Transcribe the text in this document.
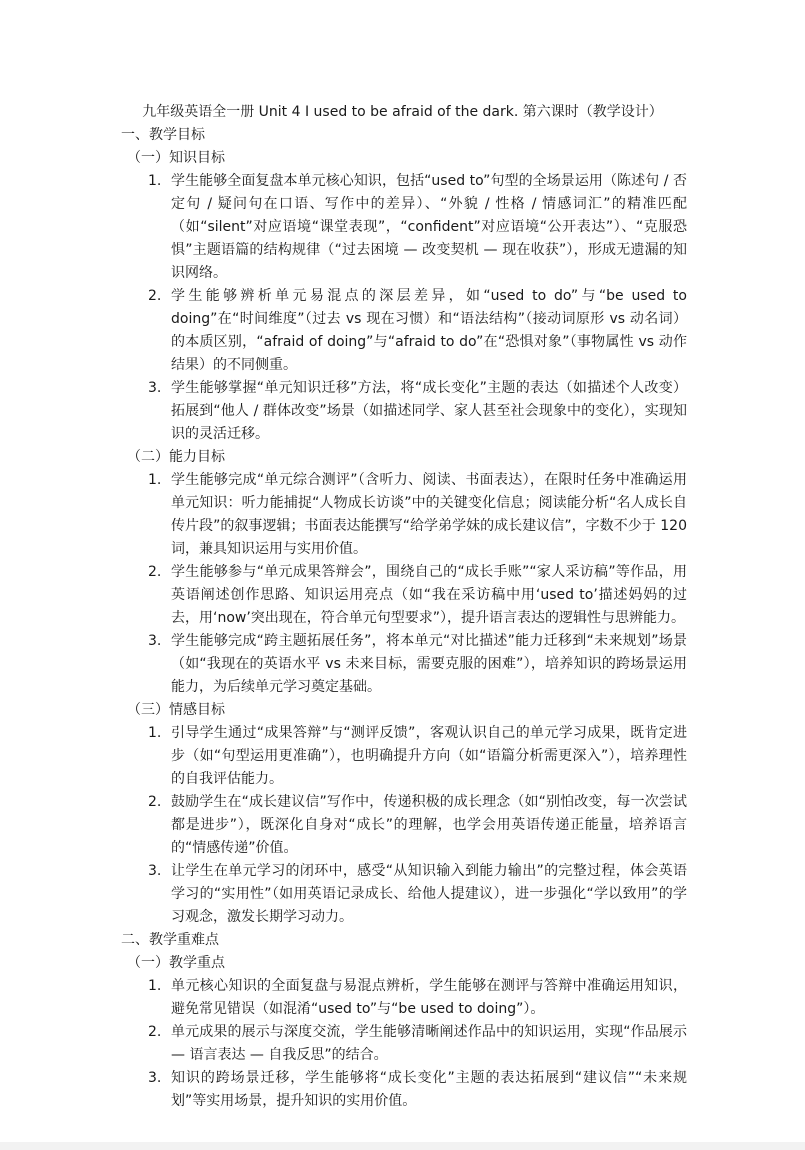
九年级英语全一册 Unit 4 I used to be afraid of the dark. 第六课时（教学设计）
一、教学目标
（一）知识目标
1. 学生能够全面复盘本单元核心知识，包括“used to”句型的全场景运用（陈述句 / 否定句 / 疑问句在口语、写作中的差异）、“外貌 / 性格 / 情感词汇”的精准匹配（如“silent”对应语境“课堂表现”，“confident”对应语境“公开表达”）、“克服恐惧”主题语篇的结构规律（“过去困境 — 改变契机 — 现在收获”），形成无遗漏的知识网络。
2. 学生能够辨析单元易混点的深层差异，如“used to do”与“be used to doing”在“时间维度”（过去 vs 现在习惯）和“语法结构”（接动词原形 vs 动名词）的本质区别，“afraid of doing”与“afraid to do”在“恐惧对象”（事物属性 vs 动作结果）的不同侧重。
3. 学生能够掌握“单元知识迁移”方法，将“成长变化”主题的表达（如描述个人改变）拓展到“他人 / 群体改变”场景（如描述同学、家人甚至社会现象中的变化），实现知识的灵活迁移。
（二）能力目标
1. 学生能够完成“单元综合测评”（含听力、阅读、书面表达），在限时任务中准确运用单元知识：听力能捕捉“人物成长访谈”中的关键变化信息；阅读能分析“名人成长自传片段”的叙事逻辑；书面表达能撰写“给学弟学妹的成长建议信”，字数不少于 120 词，兼具知识运用与实用价值。
2. 学生能够参与“单元成果答辩会”，围绕自己的“成长手账”“家人采访稿”等作品，用英语阐述创作思路、知识运用亮点（如“我在采访稿中用‘used to’描述妈妈的过去，用‘now’突出现在，符合单元句型要求”），提升语言表达的逻辑性与思辨能力。
3. 学生能够完成“跨主题拓展任务”，将本单元“对比描述”能力迁移到“未来规划”场景（如“我现在的英语水平 vs 未来目标，需要克服的困难”），培养知识的跨场景运用能力，为后续单元学习奠定基础。
（三）情感目标
1. 引导学生通过“成果答辩”与“测评反馈”，客观认识自己的单元学习成果，既肯定进步（如“句型运用更准确”），也明确提升方向（如“语篇分析需更深入”），培养理性的自我评估能力。
2. 鼓励学生在“成长建议信”写作中，传递积极的成长理念（如“别怕改变，每一次尝试都是进步”），既深化自身对“成长”的理解，也学会用英语传递正能量，培养语言的“情感传递”价值。
3. 让学生在单元学习的闭环中，感受“从知识输入到能力输出”的完整过程，体会英语学习的“实用性”（如用英语记录成长、给他人提建议），进一步强化“学以致用”的学习观念，激发长期学习动力。
二、教学重难点
（一）教学重点
1. 单元核心知识的全面复盘与易混点辨析，学生能够在测评与答辩中准确运用知识，避免常见错误（如混淆“used to”与“be used to doing”）。
2. 单元成果的展示与深度交流，学生能够清晰阐述作品中的知识运用，实现“作品展示 — 语言表达 — 自我反思”的结合。
3. 知识的跨场景迁移，学生能够将“成长变化”主题的表达拓展到“建议信”“未来规划”等实用场景，提升知识的实用价值。
